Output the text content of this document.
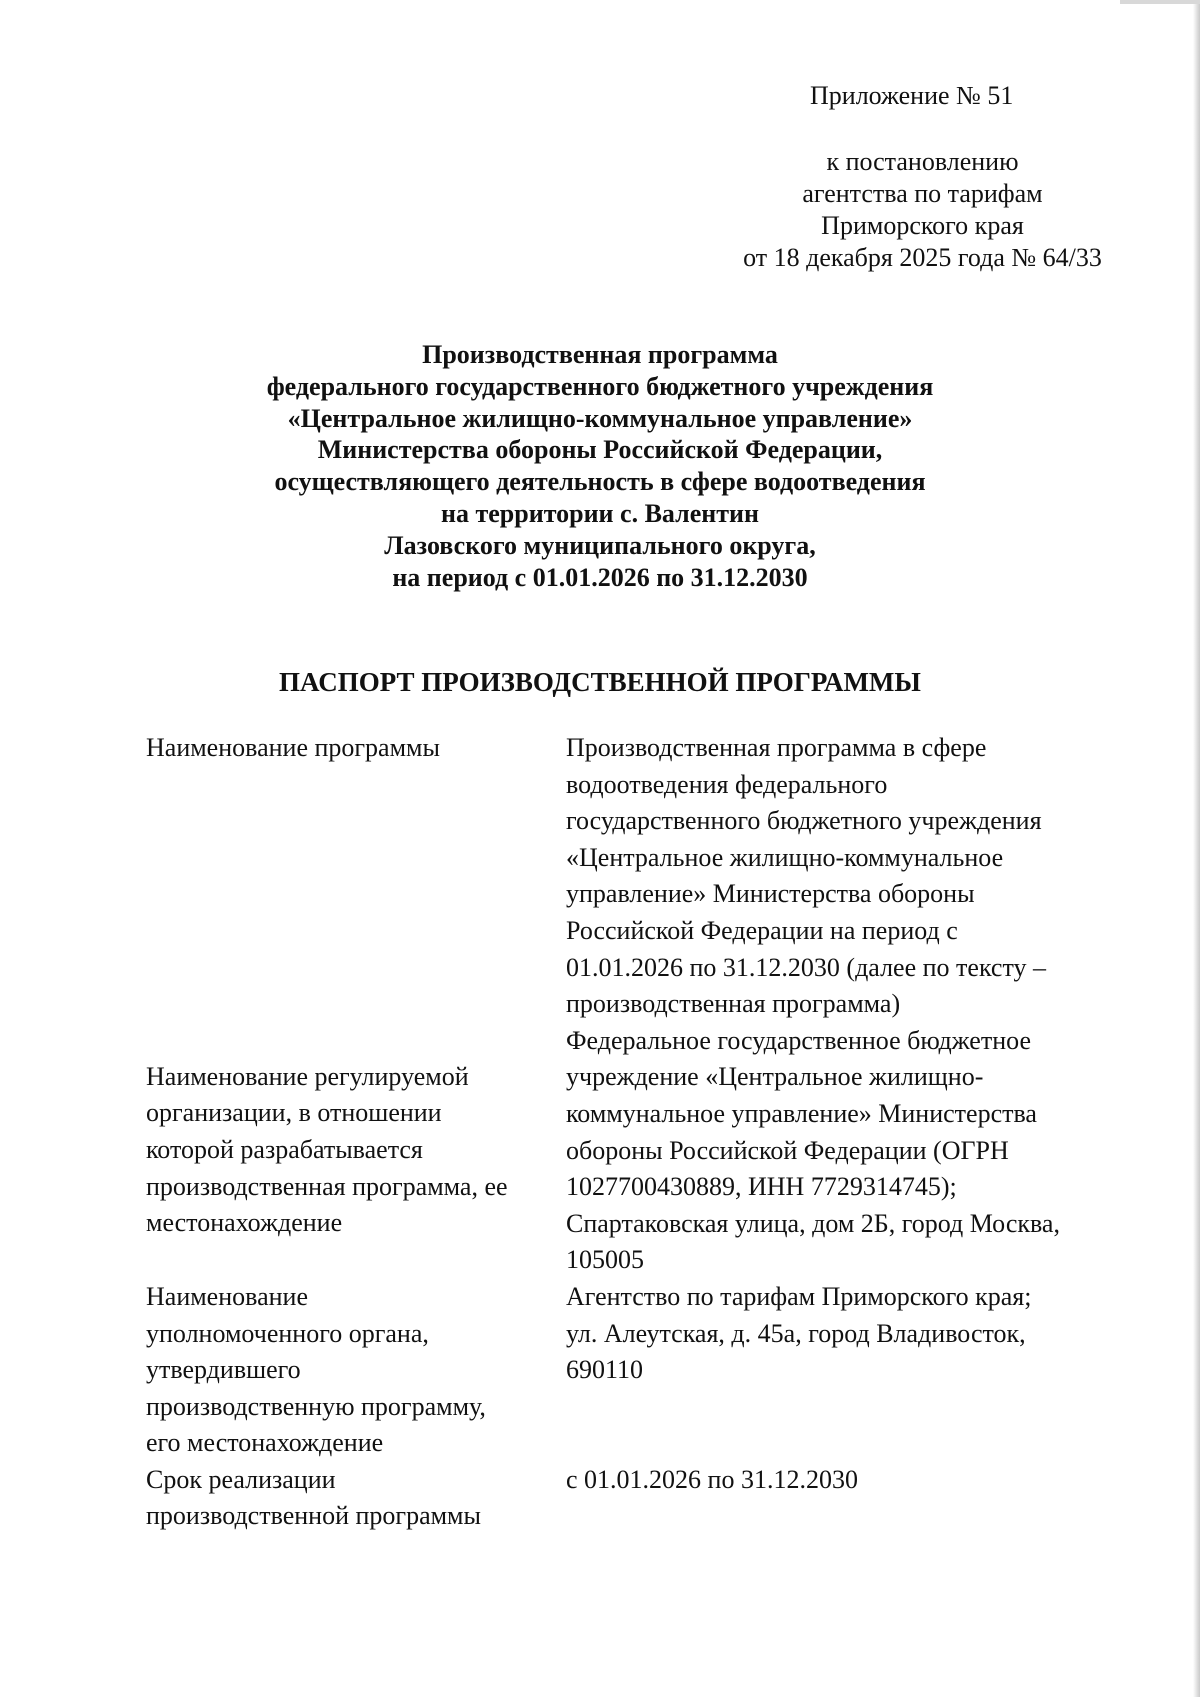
Приложение № 51
к постановлению
агентства по тарифам
Приморского края
от 18 декабря 2025 года № 64/33
Производственная программа
федерального государственного бюджетного учреждения
«Центральное жилищно-коммунальное управление»
Министерства обороны Российской Федерации,
осуществляющего деятельность в сфере водоотведения
на территории с. Валентин
Лазовского муниципального округа,
на период с 01.01.2026 по 31.12.2030
ПАСПОРТ ПРОИЗВОДСТВЕННОЙ ПРОГРАММЫ
Наименование программы	Производственная программа в сфере
водоотведения федерального
государственного бюджетного учреждения
«Центральное жилищно-коммунальное
управление» Министерства обороны
Российской Федерации на период с
01.01.2026 по 31.12.2030 (далее по тексту –
производственная программа)
Наименование регулируемой
организации, в отношении
которой разрабатывается
производственная программа, ее
местонахождение
Федеральное государственное бюджетное
учреждение «Центральное жилищно-
коммунальное управление» Министерства
обороны Российской Федерации (ОГРН
1027700430889, ИНН 7729314745);
Спартаковская улица, дом 2Б, город Москва,
105005
Наименование
уполномоченного органа,
утвердившего
производственную программу,
его местонахождение
Агентство по тарифам Приморского края;
ул. Алеутская, д. 45а, город Владивосток,
690110
Срок реализации
производственной программы
с 01.01.2026 по 31.12.2030
